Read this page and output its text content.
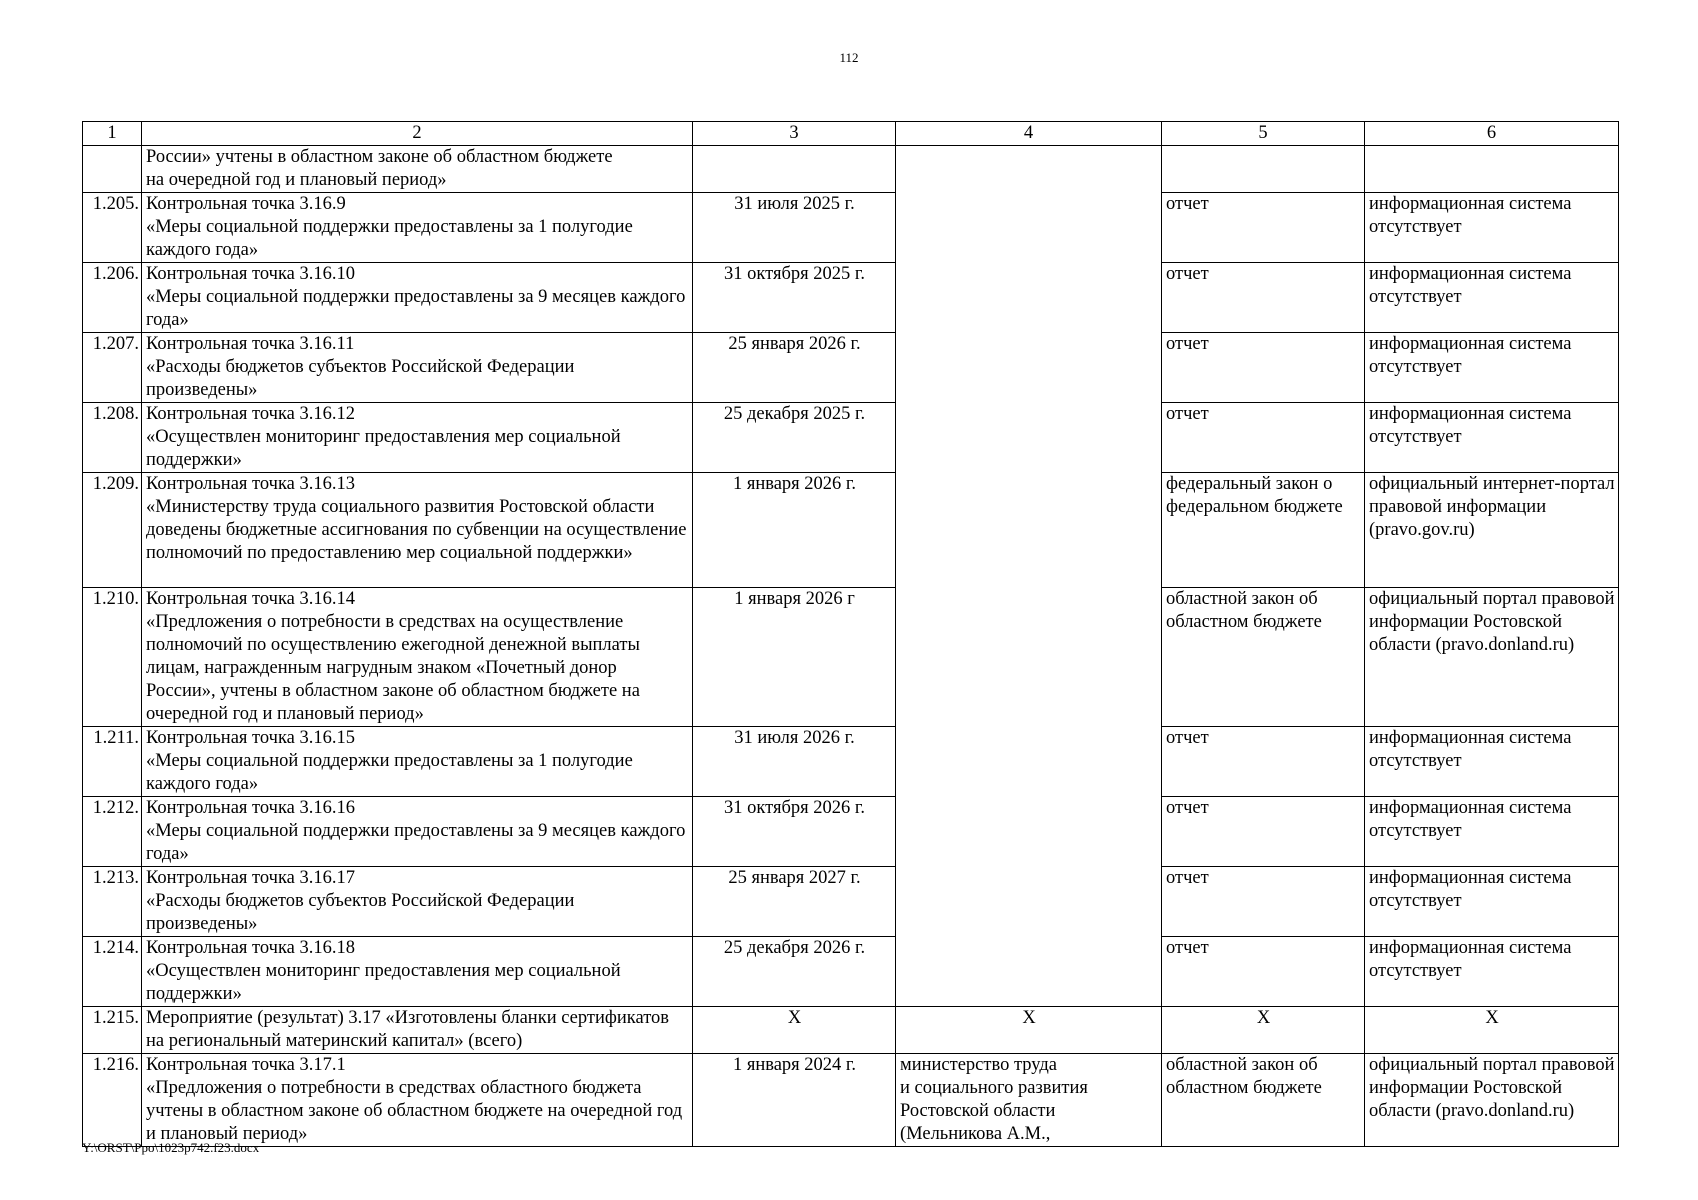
112
1	2	3	4	5	6
	России» учтены в областном законе об областном бюджете
на очередной год и плановый период»				
1.205.	Контрольная точка 3.16.9
«Меры социальной поддержки предоставлены за 1 полугодие каждого года»	31 июля 2025 г.		отчет	информационная система отсутствует
1.206.	Контрольная точка 3.16.10
«Меры социальной поддержки предоставлены за 9 месяцев каждого года»	31 октября 2025 г.		отчет	информационная система отсутствует
1.207.	Контрольная точка 3.16.11
«Расходы бюджетов субъектов Российской Федерации произведены»	25 января 2026 г.		отчет	информационная система отсутствует
1.208.	Контрольная точка 3.16.12
«Осуществлен мониторинг предоставления мер социальной поддержки»	25 декабря 2025 г.		отчет	информационная система отсутствует
1.209.	Контрольная точка 3.16.13
«Министерству труда социального развития Ростовской области доведены бюджетные ассигнования по субвенции на осуществление полномочий по предоставлению мер социальной поддержки»	1 января 2026 г.		федеральный закон о федеральном бюджете	официальный интернет-портал правовой информации (pravo.gov.ru)
1.210.	Контрольная точка 3.16.14
«Предложения о потребности в средствах на осуществление полномочий по осуществлению ежегодной денежной выплаты лицам, награжденным нагрудным знаком «Почетный донор России», учтены в областном законе об областном бюджете на очередной год и плановый период»	1 января 2026 г		областной закон об областном бюджете	официальный портал правовой информации Ростовской области (pravo.donland.ru)
1.211.	Контрольная точка 3.16.15
«Меры социальной поддержки предоставлены за 1 полугодие каждого года»	31 июля 2026 г.		отчет	информационная система отсутствует
1.212.	Контрольная точка 3.16.16
«Меры социальной поддержки предоставлены за 9 месяцев каждого года»	31 октября 2026 г.		отчет	информационная система отсутствует
1.213.	Контрольная точка 3.16.17
«Расходы бюджетов субъектов Российской Федерации произведены»	25 января 2027 г.		отчет	информационная система отсутствует
1.214.	Контрольная точка 3.16.18
«Осуществлен мониторинг предоставления мер социальной поддержки»	25 декабря 2026 г.		отчет	информационная система отсутствует
1.215.	Мероприятие (результат) 3.17 «Изготовлены бланки сертификатов на региональный материнский капитал» (всего)	Х	Х	Х	Х
1.216.	Контрольная точка 3.17.1
«Предложения о потребности в средствах областного бюджета учтены в областном законе об областном бюджете на очередной год и плановый период»	1 января 2024 г.	министерство труда
и социального развития Ростовской области (Мельникова А.М.,	областной закон об областном бюджете	официальный портал правовой информации Ростовской области (pravo.donland.ru)
Y:\ORST\Ppo\1023p742.f23.docx
